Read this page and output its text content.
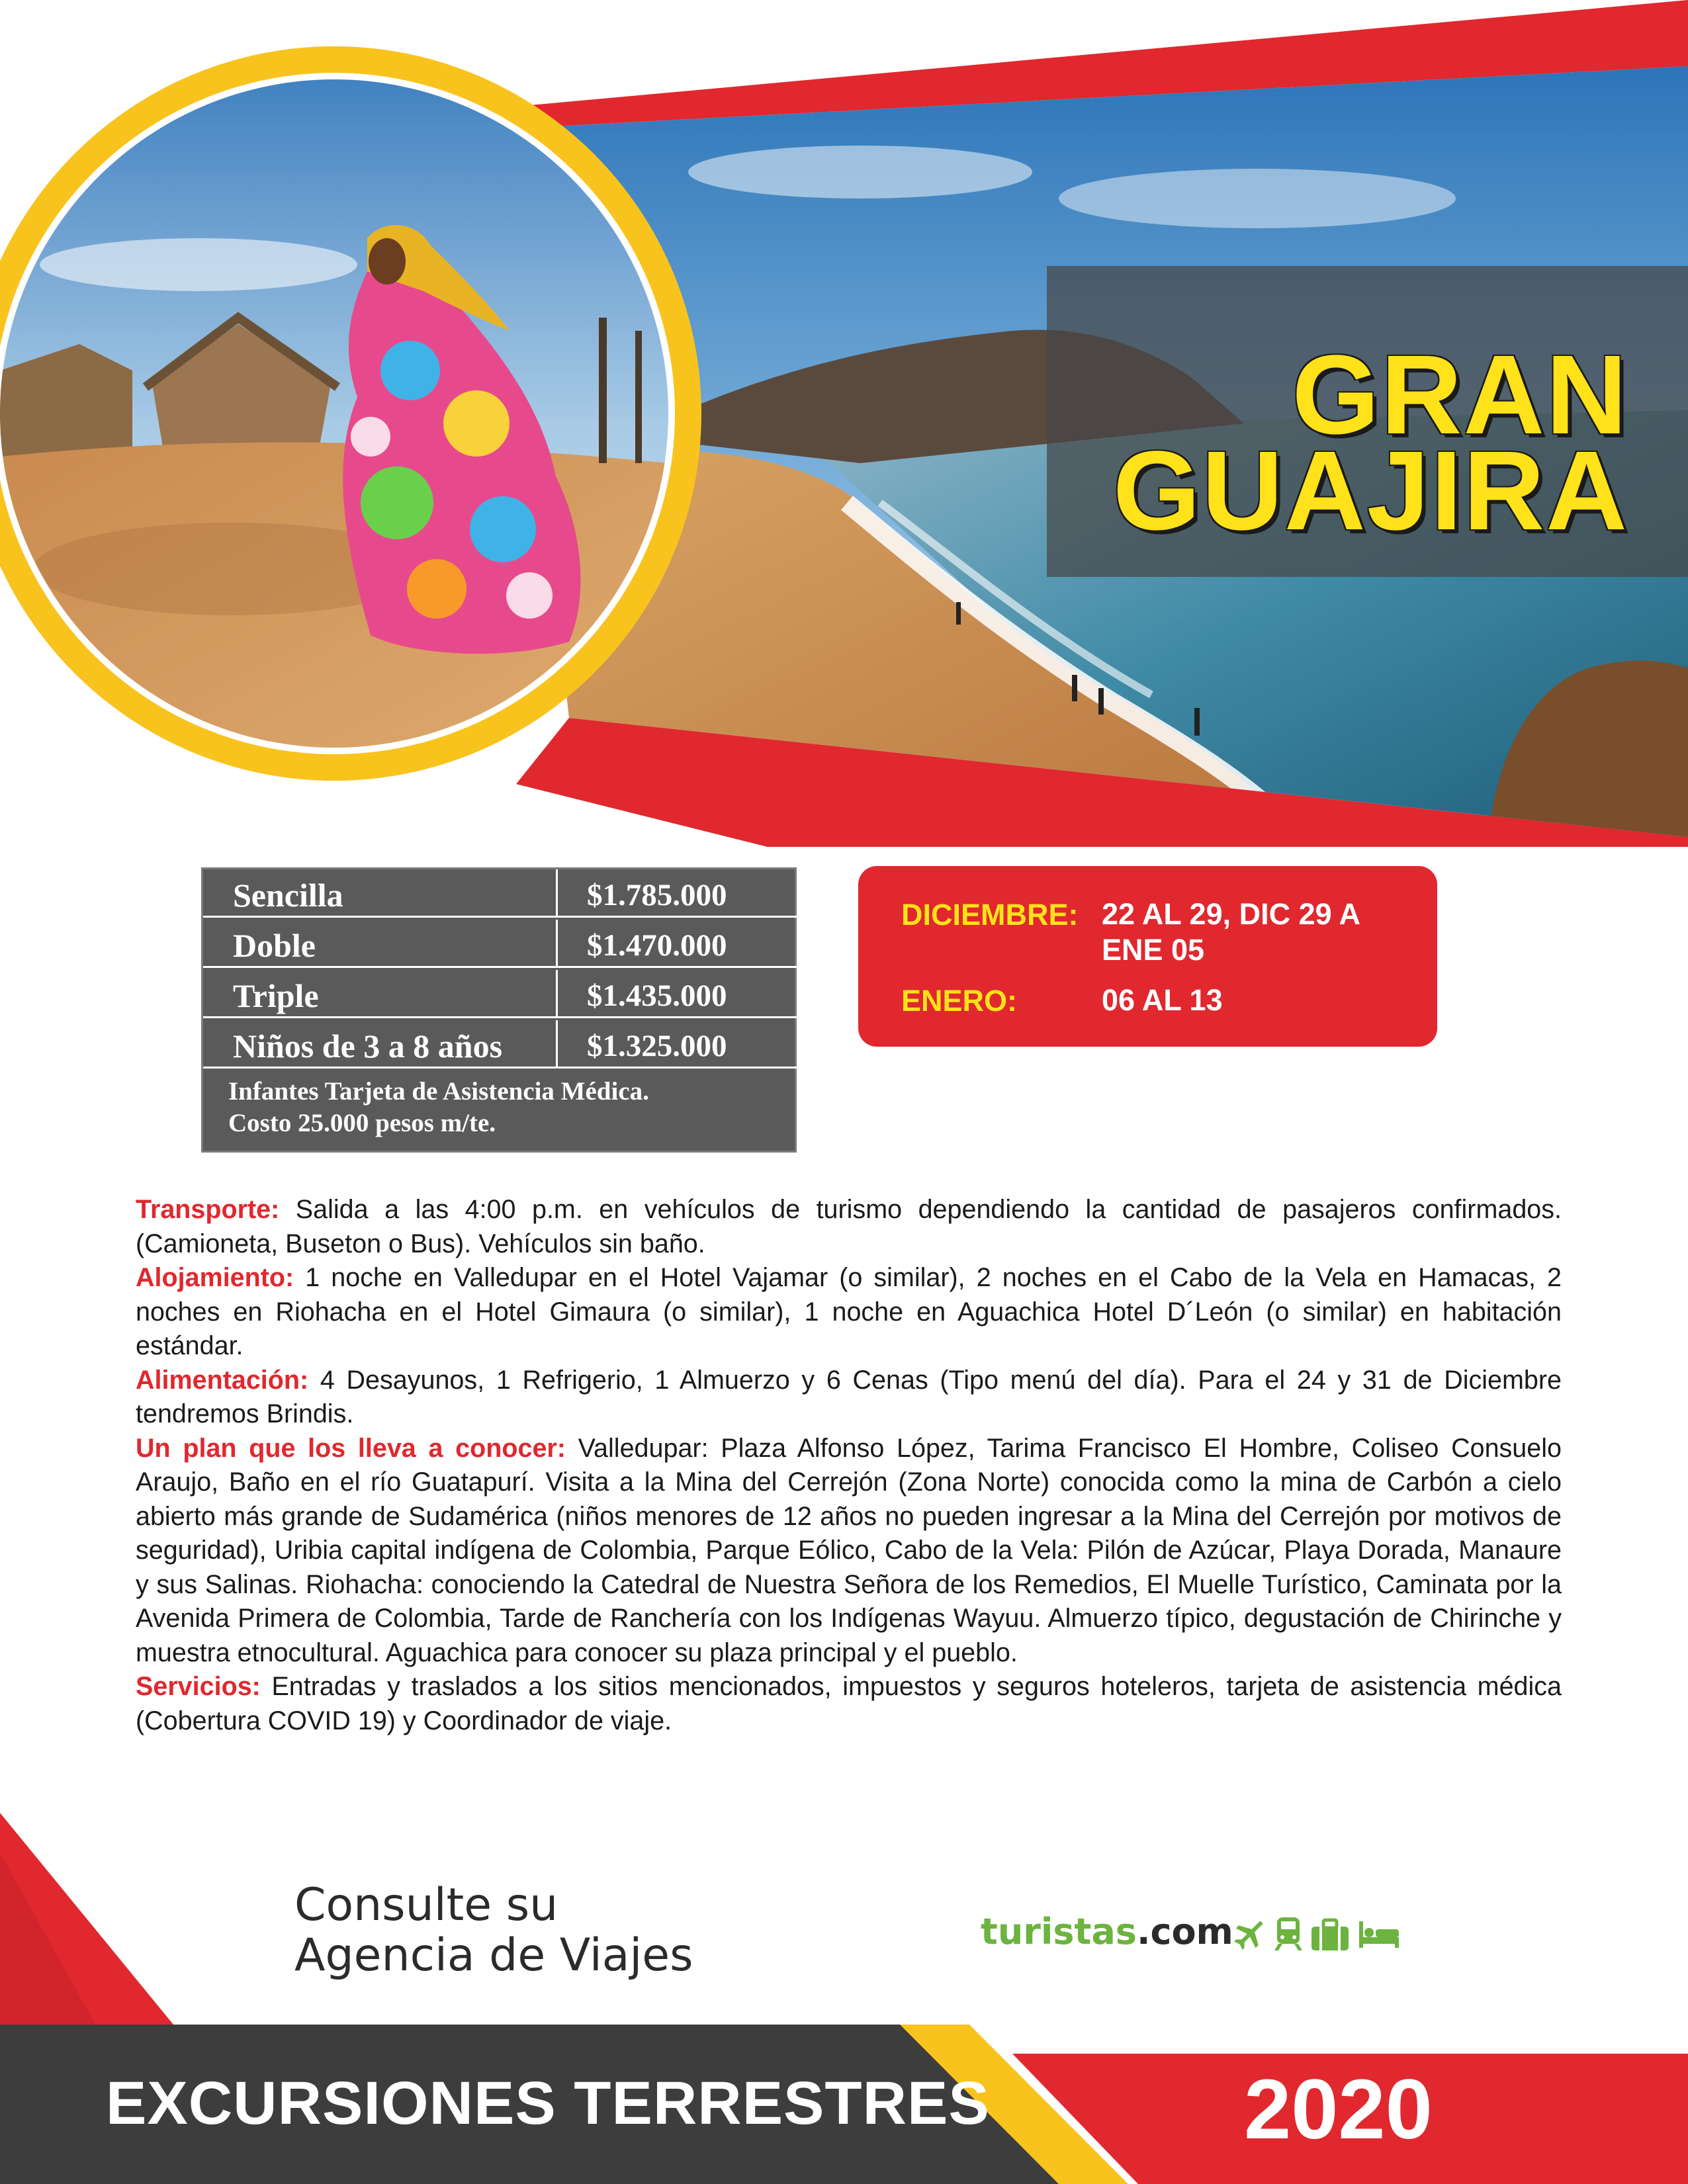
GRAN
GUAJIRA
Sencilla	$1.785.000
Doble	$1.470.000
Triple	$1.435.000
Niños de 3 a 8 años	$1.325.000
Infantes Tarjeta de Asistencia Médica.
Costo 25.000 pesos m/te.
DICIEMBRE: 22 AL 29, DIC 29 A ENE 05
ENERO:	06 AL 13

Transporte: Salida a las 4:00 p.m. en vehículos de turismo dependiendo la cantidad de pasajeros confirmados. (Camioneta, Buseton o Bus). Vehículos sin baño.

Alojamiento: 1 noche en Valledupar en el Hotel Vajamar (o similar), 2 noches en el Cabo de la Vela en Hamacas, 2 noches en Riohacha en el Hotel Gimaura (o similar), 1 noche en Aguachica Hotel D´León (o similar) en habitación estándar.

Alimentación: 4 Desayunos, 1 Refrigerio, 1 Almuerzo y 6 Cenas (Tipo menú del día). Para el 24 y 31 de Diciembre tendremos Brindis.

Un plan que los lleva a conocer: Valledupar: Plaza Alfonso López, Tarima Francisco El Hombre, Coliseo Consuelo Araujo, Baño en el río Guatapurí. Visita a la Mina del Cerrejón (Zona Norte) conocida como la mina de Carbón a cielo abierto más grande de Sudamérica (niños menores de 12 años no pueden ingresar a la Mina del Cerrejón por motivos de seguridad), Uribia capital indígena de Colombia, Parque Eólico, Cabo de la Vela: Pilón de Azúcar, Playa Dorada, Manaure y sus Salinas. Riohacha: conociendo la Catedral de Nuestra Señora de los Remedios, El Muelle Turístico, Caminata por la Avenida Primera de Colombia, Tarde de Ranchería con los Indígenas Wayuu. Almuerzo típico, degustación de Chirinche y muestra etnocultural. Aguachica para conocer su plaza principal y el pueblo.

Servicios: Entradas y traslados a los sitios mencionados, impuestos y seguros hoteleros, tarjeta de asistencia médica (Cobertura COVID 19) y Coordinador de viaje.

Consulte su
Agencia de Viajes	turistas.com
EXCURSIONES TERRESTRES	2020
